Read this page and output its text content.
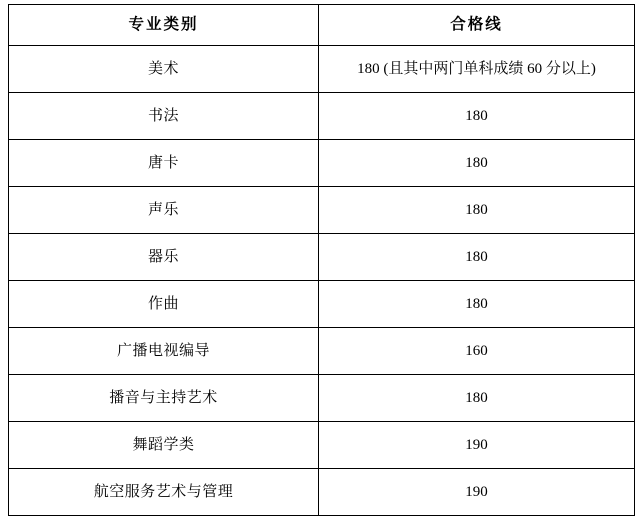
专业类别	合格线

美术	180 (且其中两门单科成绩 60 分以上)

书法	180

唐卡	180

声乐	180

器乐	180

作曲	180

广播电视编导	160

播音与主持艺术	180

舞蹈学类	190

航空服务艺术与管理	190
